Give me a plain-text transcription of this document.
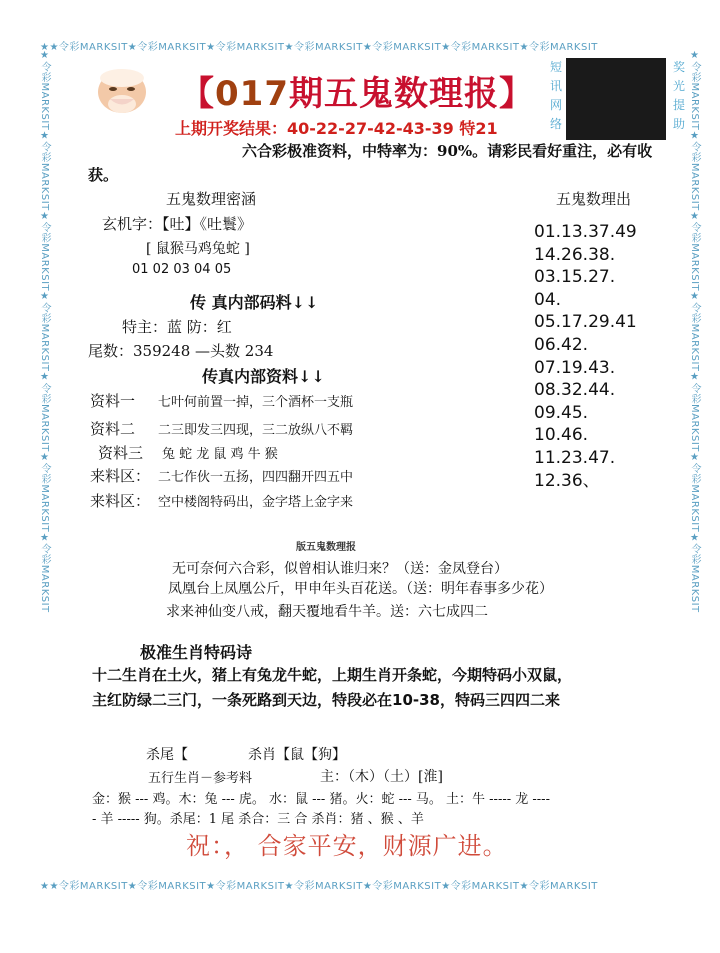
★★令彩MARKSIT★令彩MARKSIT★令彩MARKSIT★令彩MARKSIT★令彩MARKSIT★令彩MARKSIT★令彩MARKSIT
★★令彩MARKSIT★令彩MARKSIT★令彩MARKSIT★令彩MARKSIT★令彩MARKSIT★令彩MARKSIT★令彩MARKSIT
★令彩MARKSIT★令彩MARKSIT★令彩MARKSIT★令彩MARKSIT★令彩MARKSIT★令彩MARKSIT★令彩MARKSIT	★令彩MARKSIT★令彩MARKSIT★令彩MARKSIT★令彩MARKSIT★令彩MARKSIT★令彩MARKSIT★令彩MARKSIT
【017期五鬼数理报】
上期开奖结果：40-22-27-42-43-39 特21
短讯网络
奖光提助
六合彩极准资料，中特率为：90%。请彩民看好重注，必有收
获。
五鬼数理密涵
玄机字：【吐】《吐鬟》
[ 鼠猴马鸡兔蛇 ]
01 02 03 04 05
传 真内部码料↓↓
特主：蓝 防：红
尾数：359248 —头数 234
传真内部资料↓↓
资料一 七叶何前置一掉，三个酒杯一支瓶
资料二 二三即发三四现，三二放纵八不羁
资料三 兔 蛇 龙 鼠 鸡 牛 猴
来料区： 二七作伙一五扬，四四翻开四五中
来料区： 空中楼阁特码出，金字塔上金字来
五鬼数理出
01.13.37.49
14.26.38.
03.15.27.
04.
05.17.29.41
06.42.
07.19.43.
08.32.44.
09.45.
10.46.
11.23.47.
12.36、
版五鬼数理报
无可奈何六合彩，似曾相认谁归来？（送：金凤登台）
凤凰台上凤凰公斤，甲申年头百花送。（送：明年春事多少花）
求来神仙变八戒，翻天覆地看牛羊。送：六七成四二
极准生肖特码诗
十二生肖在土火，猪上有兔龙牛蛇，上期生肖开条蛇，今期特码小双鼠，
主红防绿二三门，一条死路到天边，特段必在10-38，特码三四四二来
杀尾【	杀肖【鼠【狗】
五行生肖－参考料	主：（木）（土）[淮]
金：猴 --- 鸡。木：兔 --- 虎。 水：鼠 --- 猪。火：蛇 --- 马。 土：牛 ----- 龙 ----
- 羊 ----- 狗。杀尾：1 尾 杀合：三 合 杀肖：猪 、猴 、羊
祝：， 合家平安，财源广进。
